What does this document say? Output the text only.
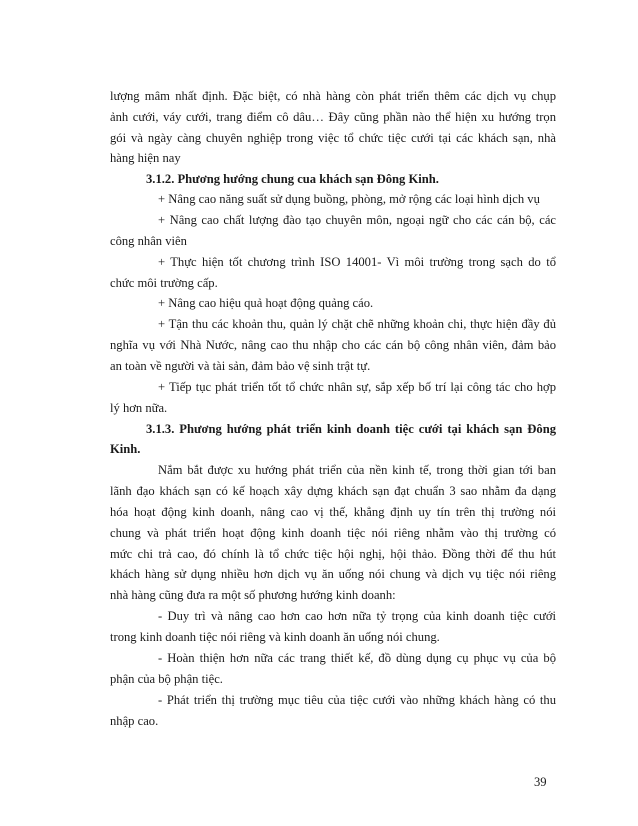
lượng mâm nhất định. Đặc biệt, có nhà hàng còn phát triển thêm các dịch vụ chụp

ảnh cưới, váy cưới, trang điểm cô dâu… Đây cũng phần nào thể hiện xu hướng trọn

gói và ngày càng chuyên nghiệp trong việc tổ chức tiệc cưới tại các khách sạn, nhà

hàng hiện nay

3.1.2. Phương hướng chung cua khách sạn Đông Kinh.

+ Nâng cao năng suất sử dụng buồng, phòng, mở rộng các loại hình dịch vụ

+ Nâng cao chất lượng đào tạo chuyên môn, ngoại ngữ cho các cán bộ, các

công nhân viên

+ Thực hiện tốt chương trình ISO 14001- Vì môi trường trong sạch do tổ

chức môi trường cấp.

+ Nâng cao hiệu quả hoạt động quảng cáo.

+ Tận thu các khoản thu, quản lý chặt chẽ những khoản chi, thực hiện đầy đủ

nghĩa vụ với Nhà Nước, nâng cao thu nhập cho các cán bộ công nhân viên, đảm bảo

an toàn về người và tài sản, đảm bảo vệ sinh trật tự.

+ Tiếp tục phát triển tốt tổ chức nhân sự, sắp xếp bố trí lại công tác cho hợp

lý hơn nữa.

3.1.3. Phương hướng phát triển kinh doanh tiệc cưới tại khách sạn Đông

Kinh.

Nắm bắt được xu hướng phát triển của nền kinh tế, trong thời gian tới ban

lãnh đạo khách sạn có kế hoạch xây dựng khách sạn đạt chuẩn 3 sao nhằm đa dạng

hóa hoạt động kinh doanh, nâng cao vị thế, khẳng định uy tín trên thị trường nói

chung và phát triển hoạt động kinh doanh tiệc nói riêng nhằm vào thị trường có

mức chi trả cao, đó chính là tổ chức tiệc hội nghị, hội thảo. Đồng thời để thu hút

khách hàng sử dụng nhiều hơn dịch vụ ăn uống nói chung và dịch vụ tiệc nói riêng

nhà hàng cũng đưa ra một số phương hướng kinh doanh:

- Duy trì và nâng cao hơn cao hơn nữa tỷ trọng của kinh doanh tiệc cưới

trong kinh doanh tiệc nói riêng và kinh doanh ăn uống nói chung.

- Hoàn thiện hơn nữa các trang thiết kế, đồ dùng dụng cụ phục vụ của bộ

phận của bộ phận tiệc.

- Phát triển thị trường mục tiêu của tiệc cưới vào những khách hàng có thu

nhập cao.

39
